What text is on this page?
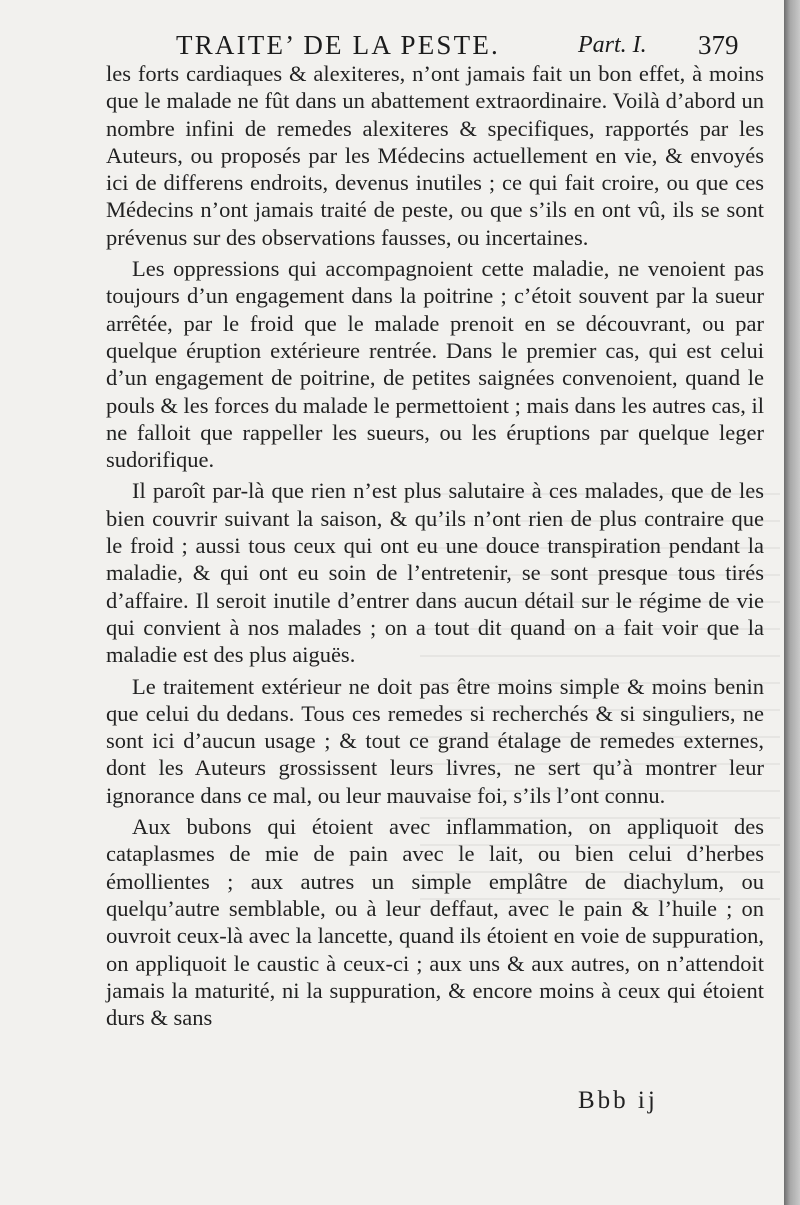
TRAITE’ DE LA PESTE.	Part. I. 379

les forts cardiaques & alexiteres, n’ont jamais fait un bon effet, à moins que le malade ne fût dans un abattement extraordinaire. Voilà d’abord un nombre infini de remedes alexiteres & specifiques, rapportés par les Auteurs, ou proposés par les Médecins actuellement en vie, & envoyés ici de differens endroits, devenus inutiles ; ce qui fait croire, ou que ces Médecins n’ont jamais traité de peste, ou que s’ils en ont vû, ils se sont prévenus sur des observations fausses, ou incertaines.

Les oppressions qui accompagnoient cette maladie, ne venoient pas toujours d’un engagement dans la poitrine ; c’étoit souvent par la sueur arrêtée, par le froid que le malade prenoit en se découvrant, ou par quelque éruption extérieure rentrée. Dans le premier cas, qui est celui d’un engagement de poitrine, de petites saignées convenoient, quand le pouls & les forces du malade le permettoient ; mais dans les autres cas, il ne falloit que rappeller les sueurs, ou les éruptions par quelque leger sudorifique.

Il paroît par-là que rien n’est plus salutaire à ces malades, que de les bien couvrir suivant la saison, & qu’ils n’ont rien de plus contraire que le froid ; aussi tous ceux qui ont eu une douce transpiration pendant la maladie, & qui ont eu soin de l’entretenir, se sont presque tous tirés d’affaire. Il seroit inutile d’entrer dans aucun détail sur le régime de vie qui convient à nos malades ; on a tout dit quand on a fait voir que la maladie est des plus aiguës.

Le traitement extérieur ne doit pas être moins simple & moins benin que celui du dedans. Tous ces remedes si recherchés & si singuliers, ne sont ici d’aucun usage ; & tout ce grand étalage de remedes externes, dont les Auteurs grossissent leurs livres, ne sert qu’à montrer leur ignorance dans ce mal, ou leur mauvaise foi, s’ils l’ont connu.

Aux bubons qui étoient avec inflammation, on appliquoit des cataplasmes de mie de pain avec le lait, ou bien celui d’herbes émollientes ; aux autres un simple emplâtre de diachylum, ou quelqu’autre semblable, ou à leur deffaut, avec le pain & l’huile ; on ouvroit ceux-là avec la lancette, quand ils étoient en voie de suppuration, on appliquoit le caustic à ceux-ci ; aux uns & aux autres, on n’attendoit jamais la maturité, ni la suppuration, & encore moins à ceux qui étoient durs & sans

Bbb ij
